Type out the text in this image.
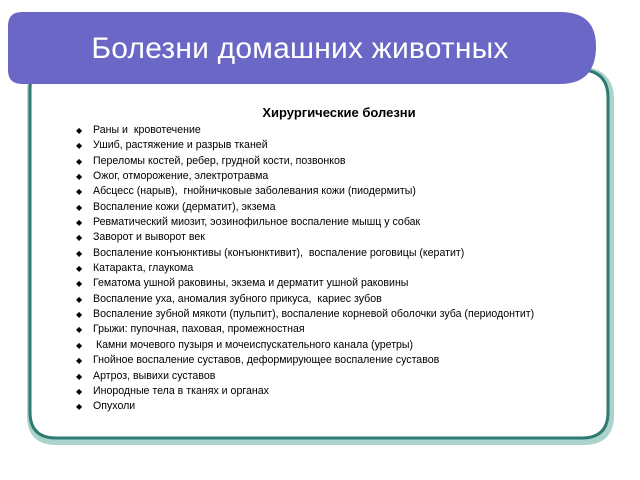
Болезни домашних животных
Хирургические болезни
◆ Раны и  кровотечение
◆ Ушиб, растяжение и разрыв тканей
◆ Переломы костей, ребер, грудной кости, позвонков
◆ Ожог, отморожение, электротравма
◆ Абсцесс (нарыв),  гнойничковые заболевания кожи (пиодермиты)
◆ Воспаление кожи (дерматит), экзема
◆ Ревматический миозит, эозинофильное воспаление мышц у собак
◆ Заворот и выворот век
◆ Воспаление конъюнктивы (конъюнктивит),  воспаление роговицы (кератит)
◆ Катаракта, глаукома
◆ Гематома ушной раковины, экзема и дерматит ушной раковины
◆ Воспаление уха, аномалия зубного прикуса,  кариес зубов
◆ Воспаление зубной мякоти (пульпит), воспаление корневой оболочки зуба (периодонтит)
◆ Грыжи: пупочная, паховая, промежностная
◆ Камни мочевого пузыря и мочеиспускательного канала (уретры)
◆ Гнойное воспаление суставов, деформирующее воспаление суставов
◆ Артроз, вывихи суставов
◆ Инородные тела в тканях и органах
◆ Опухоли
